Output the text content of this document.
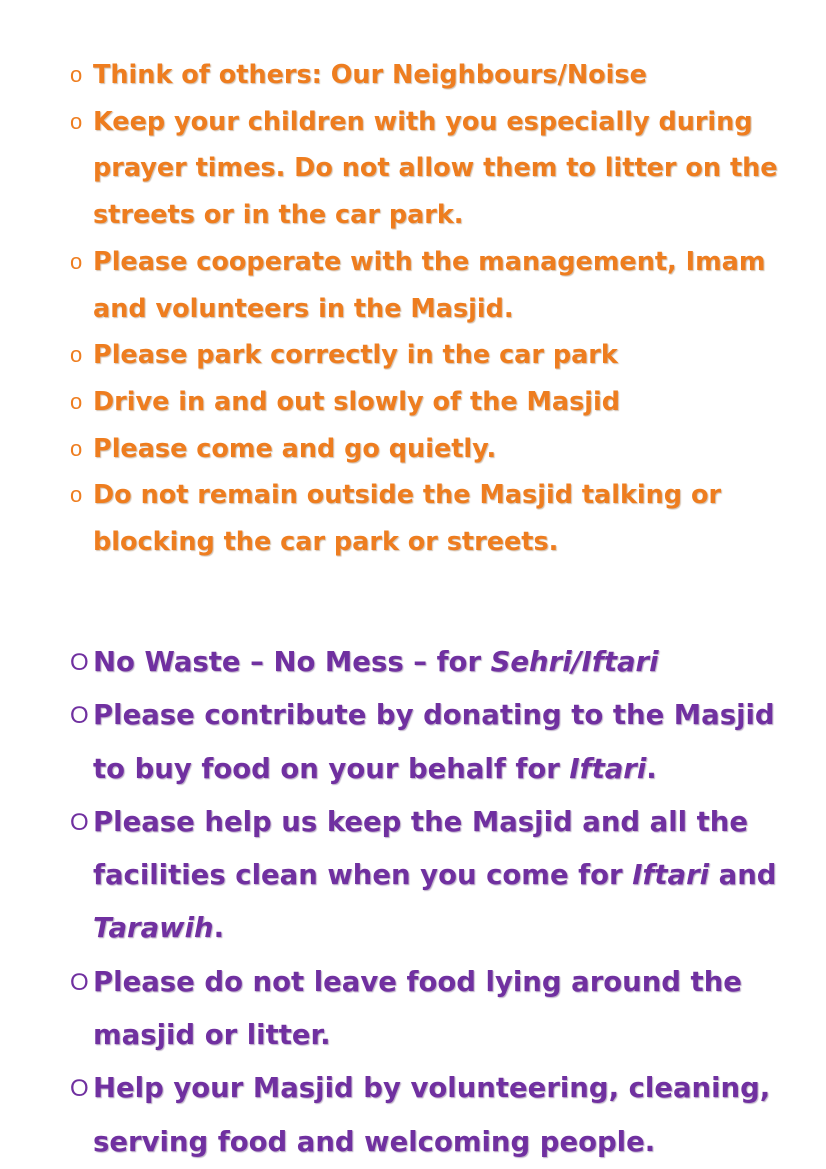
o Think of others: Our Neighbours/Noise
o Keep your children with you especially during prayer times. Do not allow them to litter on the streets or in the car park.
o Please cooperate with the management, Imam and volunteers in the Masjid.
o Please park correctly in the car park
o Drive in and out slowly of the Masjid
o Please come and go quietly.
o Do not remain outside the Masjid talking or blocking the car park or streets.
O No Waste – No Mess – for Sehri/Iftari
O Please contribute by donating to the Masjid to buy food on your behalf for Iftari.
O Please help us keep the Masjid and all the facilities clean when you come for Iftari and Tarawih.
O Please do not leave food lying around the masjid or litter.
O Help your Masjid by volunteering, cleaning, serving food and welcoming people.
